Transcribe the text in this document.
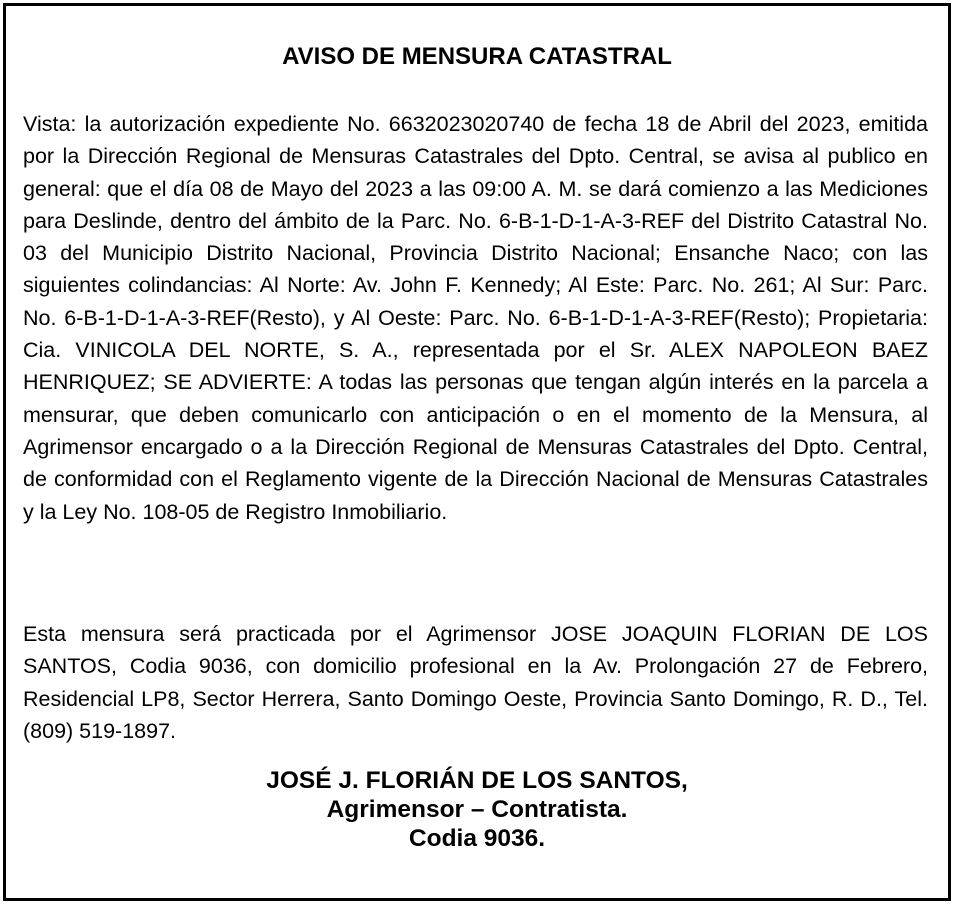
AVISO DE MENSURA CATASTRAL

Vista: la autorización expediente No. 6632023020740 de fecha 18 de Abril del 2023, emitida por la Dirección Regional de Mensuras Catastrales del Dpto. Central, se avisa al publico en general: que el día 08 de Mayo del 2023 a las 09:00 A. M. se dará comienzo a las Mediciones para Deslinde, dentro del ámbito de la Parc. No. 6-B-1-D-1-A-3-REF del Distrito Catastral No. 03 del Municipio Distrito Nacional, Provincia Distrito Nacional; Ensanche Naco; con las siguientes colindancias: Al Norte: Av. John F. Kennedy; Al Este: Parc. No. 261; Al Sur: Parc. No. 6-B-1-D-1-A-3-REF(Resto), y Al Oeste: Parc. No. 6-B-1-D-1-A-3-REF(Resto); Propietaria: Cia. VINICOLA DEL NORTE, S. A., representada por el Sr. ALEX NAPOLEON BAEZ HENRIQUEZ; SE ADVIERTE: A todas las personas que tengan algún interés en la parcela a mensurar, que deben comunicarlo con anticipación o en el momento de la Mensura, al Agrimensor encargado o a la Dirección Regional de Mensuras Catastrales del Dpto. Central, de conformidad con el Reglamento vigente de la Dirección Nacional de Mensuras Catastrales y la Ley No. 108-05 de Registro Inmobiliario.

Esta mensura será practicada por el Agrimensor JOSE JOAQUIN FLORIAN DE LOS SANTOS, Codia 9036, con domicilio profesional en la Av. Prolongación 27 de Febrero, Residencial LP8, Sector Herrera, Santo Domingo Oeste, Provincia Santo Domingo, R. D., Tel. (809) 519-1897.

JOSÉ J. FLORIÁN DE LOS SANTOS,
Agrimensor – Contratista.
Codia 9036.
